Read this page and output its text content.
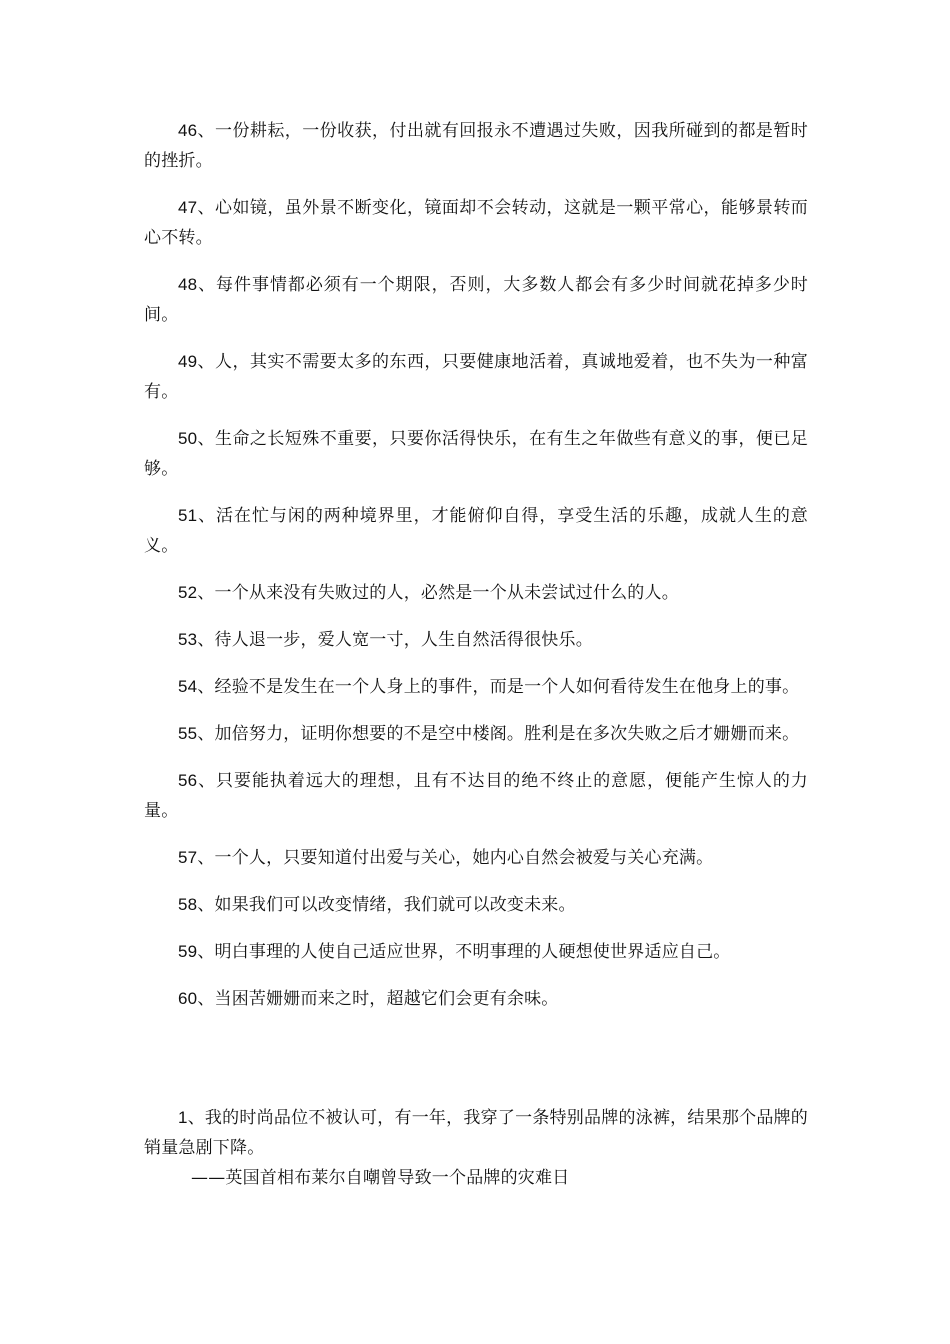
46、一份耕耘，一份收获，付出就有回报永不遭遇过失败，因我所碰到的都是暂时的挫折。

47、心如镜，虽外景不断变化，镜面却不会转动，这就是一颗平常心，能够景转而心不转。

48、每件事情都必须有一个期限，否则，大多数人都会有多少时间就花掉多少时间。

49、人，其实不需要太多的东西，只要健康地活着，真诚地爱着，也不失为一种富有。

50、生命之长短殊不重要，只要你活得快乐，在有生之年做些有意义的事，便已足够。

51、活在忙与闲的两种境界里，才能俯仰自得，享受生活的乐趣，成就人生的意义。

52、一个从来没有失败过的人，必然是一个从未尝试过什么的人。

53、待人退一步，爱人宽一寸，人生自然活得很快乐。

54、经验不是发生在一个人身上的事件，而是一个人如何看待发生在他身上的事。

55、加倍努力，证明你想要的不是空中楼阁。胜利是在多次失败之后才姗姗而来。

56、只要能执着远大的理想，且有不达目的绝不终止的意愿，便能产生惊人的力量。

57、一个人，只要知道付出爱与关心，她内心自然会被爱与关心充满。

58、如果我们可以改变情绪，我们就可以改变未来。

59、明白事理的人使自己适应世界，不明事理的人硬想使世界适应自己。

60、当困苦姗姗而来之时，超越它们会更有余味。

1、我的时尚品位不被认可，有一年，我穿了一条特别品牌的泳裤，结果那个品牌的销量急剧下降。

——英国首相布莱尔自嘲曾导致一个品牌的灾难日
